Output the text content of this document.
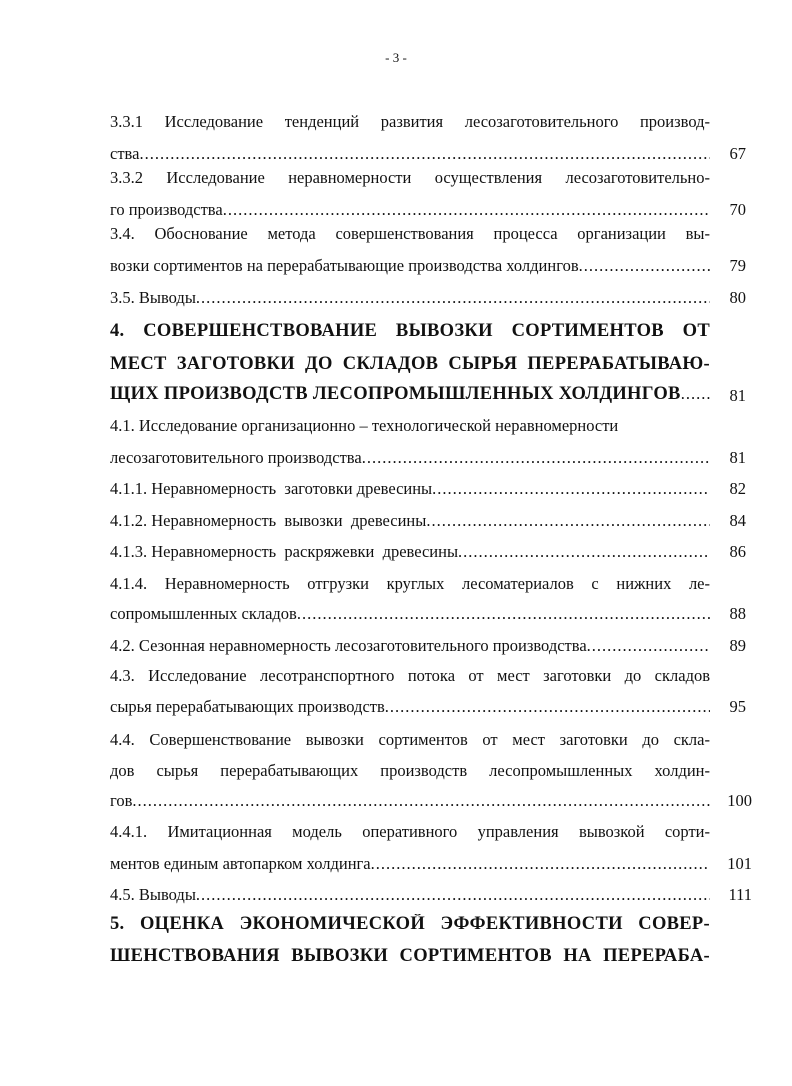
- 3 -
3.3.1 Исследование тенденций развития лесозаготовительного производ-
ства .....	67
3.3.2 Исследование неравномерности осуществления лесозаготовительно-
го производства .....	70
3.4. Обоснование метода совершенствования процесса организации вы-
возки сортиментов на перерабатывающие производства холдингов .....	79
3.5. Выводы .....	80
4. СОВЕРШЕНСТВОВАНИЕ ВЫВОЗКИ СОРТИМЕНТОВ ОТ
МЕСТ ЗАГОТОВКИ ДО СКЛАДОВ СЫРЬЯ ПЕРЕРАБАТЫВАЮ-
ЩИХ ПРОИЗВОДСТВ ЛЕСОПРОМЫШЛЕННЫХ ХОЛДИНГОВ .....	81
4.1. Исследование организационно – технологической неравномерности
лесозаготовительного производства .....	81
4.1.1. Неравномерность  заготовки древесины .....	82
4.1.2. Неравномерность  вывозки  древесины .....	84
4.1.3. Неравномерность  раскряжевки  древесины .....	86
4.1.4. Неравномерность отгрузки круглых лесоматериалов с нижних ле-
сопромышленных складов .....	88
4.2. Сезонная неравномерность лесозаготовительного производства .....	89
4.3. Исследование лесотранспортного потока от мест заготовки до складов
сырья перерабатывающих производств .....	95
4.4. Совершенствование вывозки сортиментов от мест заготовки до скла-
дов сырья перерабатывающих производств лесопромышленных холдин-
гов .....	100
4.4.1. Имитационная модель оперативного управления вывозкой сорти-
ментов единым автопарком холдинга .....	101
4.5. Выводы .....	111
5. ОЦЕНКА ЭКОНОМИЧЕСКОЙ ЭФФЕКТИВНОСТИ СОВЕР-
ШЕНСТВОВАНИЯ ВЫВОЗКИ СОРТИМЕНТОВ НА ПЕРЕРАБА-
